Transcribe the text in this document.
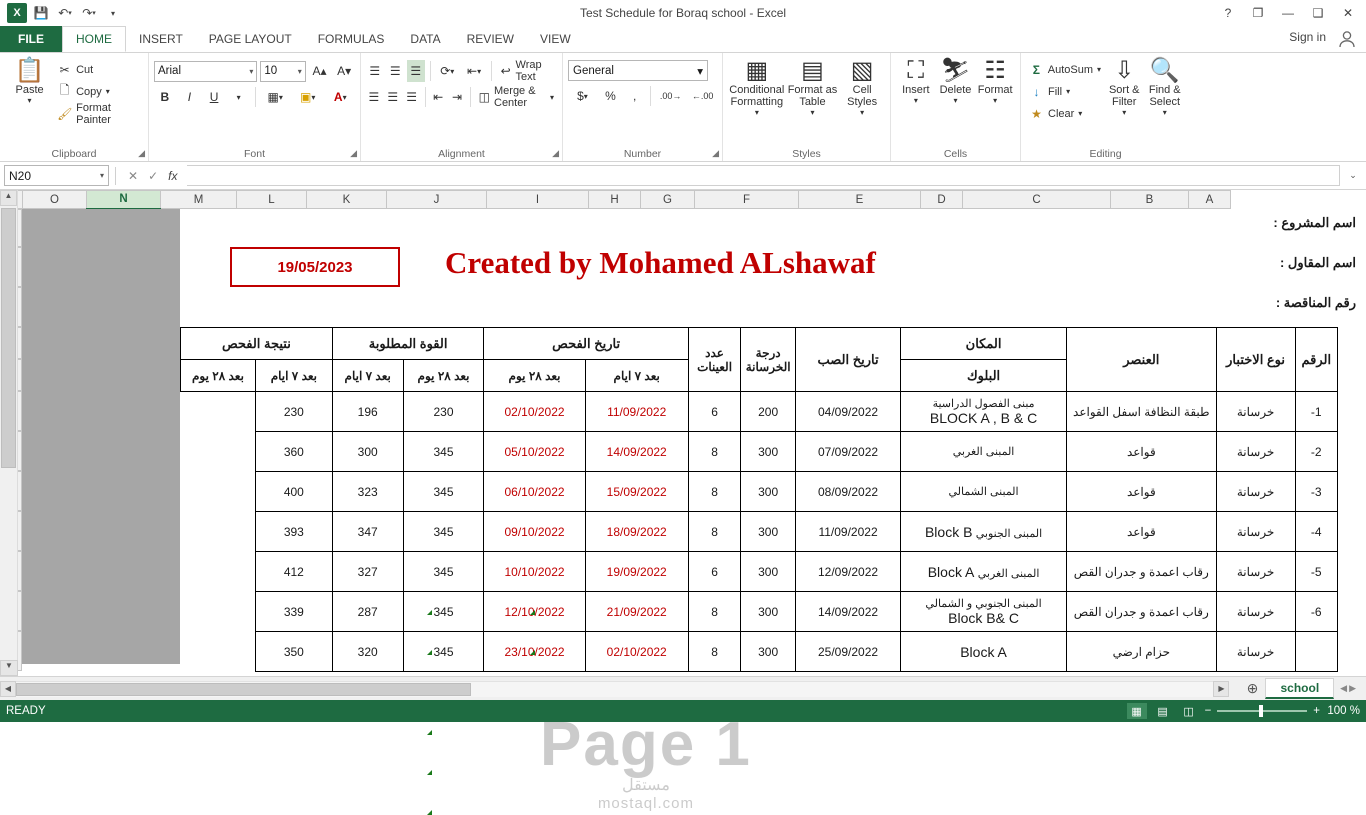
X	💾 ↶ ▾ ↷ ▾	▾	Test Schedule for Boraq school - Excel	?	❐	—	❑	✕
FILE	HOME	INSERT	PAGE LAYOUT	FORMULAS	DATA	REVIEW	VIEW	Sign in
📋
Paste
▾
✂ Cut
🗋 Copy ▾
🖌 Format Painter
Clipboard	◢
Arial	▾ 10	▾ A▴ A▾
B	I	U	▾	▦ ▾ ▣ ▾ A ▾
Font	◢
☰ ☰ ☰ ⟳ ▾ ⇤ ▾ ↩ Wrap Text
☰ ☰ ☰ ⇤ ⇥ ◫ Merge & Center	▾
Alignment	◢
General	▾
$ ▾	%	,	.00→	←.00
Number	◢
▦
Conditional Formatting
▾
▤
Format as Table
▾
▧
Cell Styles
▾
Styles
⛶
Insert
▾
⛷
Delete
▾
☷
Format
▾
Cells
Σ AutoSum ▾
↓ Fill ▾
★ Clear ▾
⇩
Sort & Filter
▾
🔍
Find & Select
▾
Editing
N20	▾ ✕ ✓ fx	⌄
	O	N	M	L	K	J	I	H	G	F	E	D	C	B	A
اسم المشروع :
19/05/2023	Created by Mohamed ALshawaf	اسم المقاول :
رقم المناقصة :
الرقم	نوع الاختبار	العنصر	المكان	تاريخ الصب	درجة الخرسانة	عدد العينات	تاريخ الفحص		القوة المطلوبة		نتيجة الفحص	
			البلوك				بعد ٧ ايام	بعد ٢٨ يوم	بعد ٢٨ يوم	بعد ٧ ايام	بعد ٧ ايام	بعد ٢٨ يوم
1-	خرسانة	طبقة النظافة اسفل القواعد	مبنى الفصول الدراسية
BLOCK A , B & C	04/09/2022	200	6	11/09/2022	02/10/2022	230	196	230	
2-	خرسانة	قواعد	المبنى الغربي	07/09/2022	300	8	14/09/2022	05/10/2022	345	300	360	
3-	خرسانة	قواعد	المبنى الشمالي	08/09/2022	300	8	15/09/2022	06/10/2022	345	323	400	
4-	خرسانة	قواعد	المبنى الجنوبي Block B	11/09/2022	300	8	18/09/2022	09/10/2022	345	347	393	
5-	خرسانة	رقاب اعمدة و جدران القص	المبنى الغربي Block A	12/09/2022	300	6	19/09/2022	10/10/2022	345	327	412	
6-	خرسانة	رقاب اعمدة و جدران القص	المبنى الجنوبي و الشمالي
Block B& C	14/09/2022	300	8	21/09/2022	12/10/2022	345	287	339	
	خرسانة	حزام ارضي	Block A	25/09/2022	300	8	02/10/2022	23/10/2022	345	320	350	
Page 1
مستقل
mostaql.com
▲
▼
◀	▶	⊕	school	◀ ▶
READY	▦	▤	◫ −	+ 100 %
